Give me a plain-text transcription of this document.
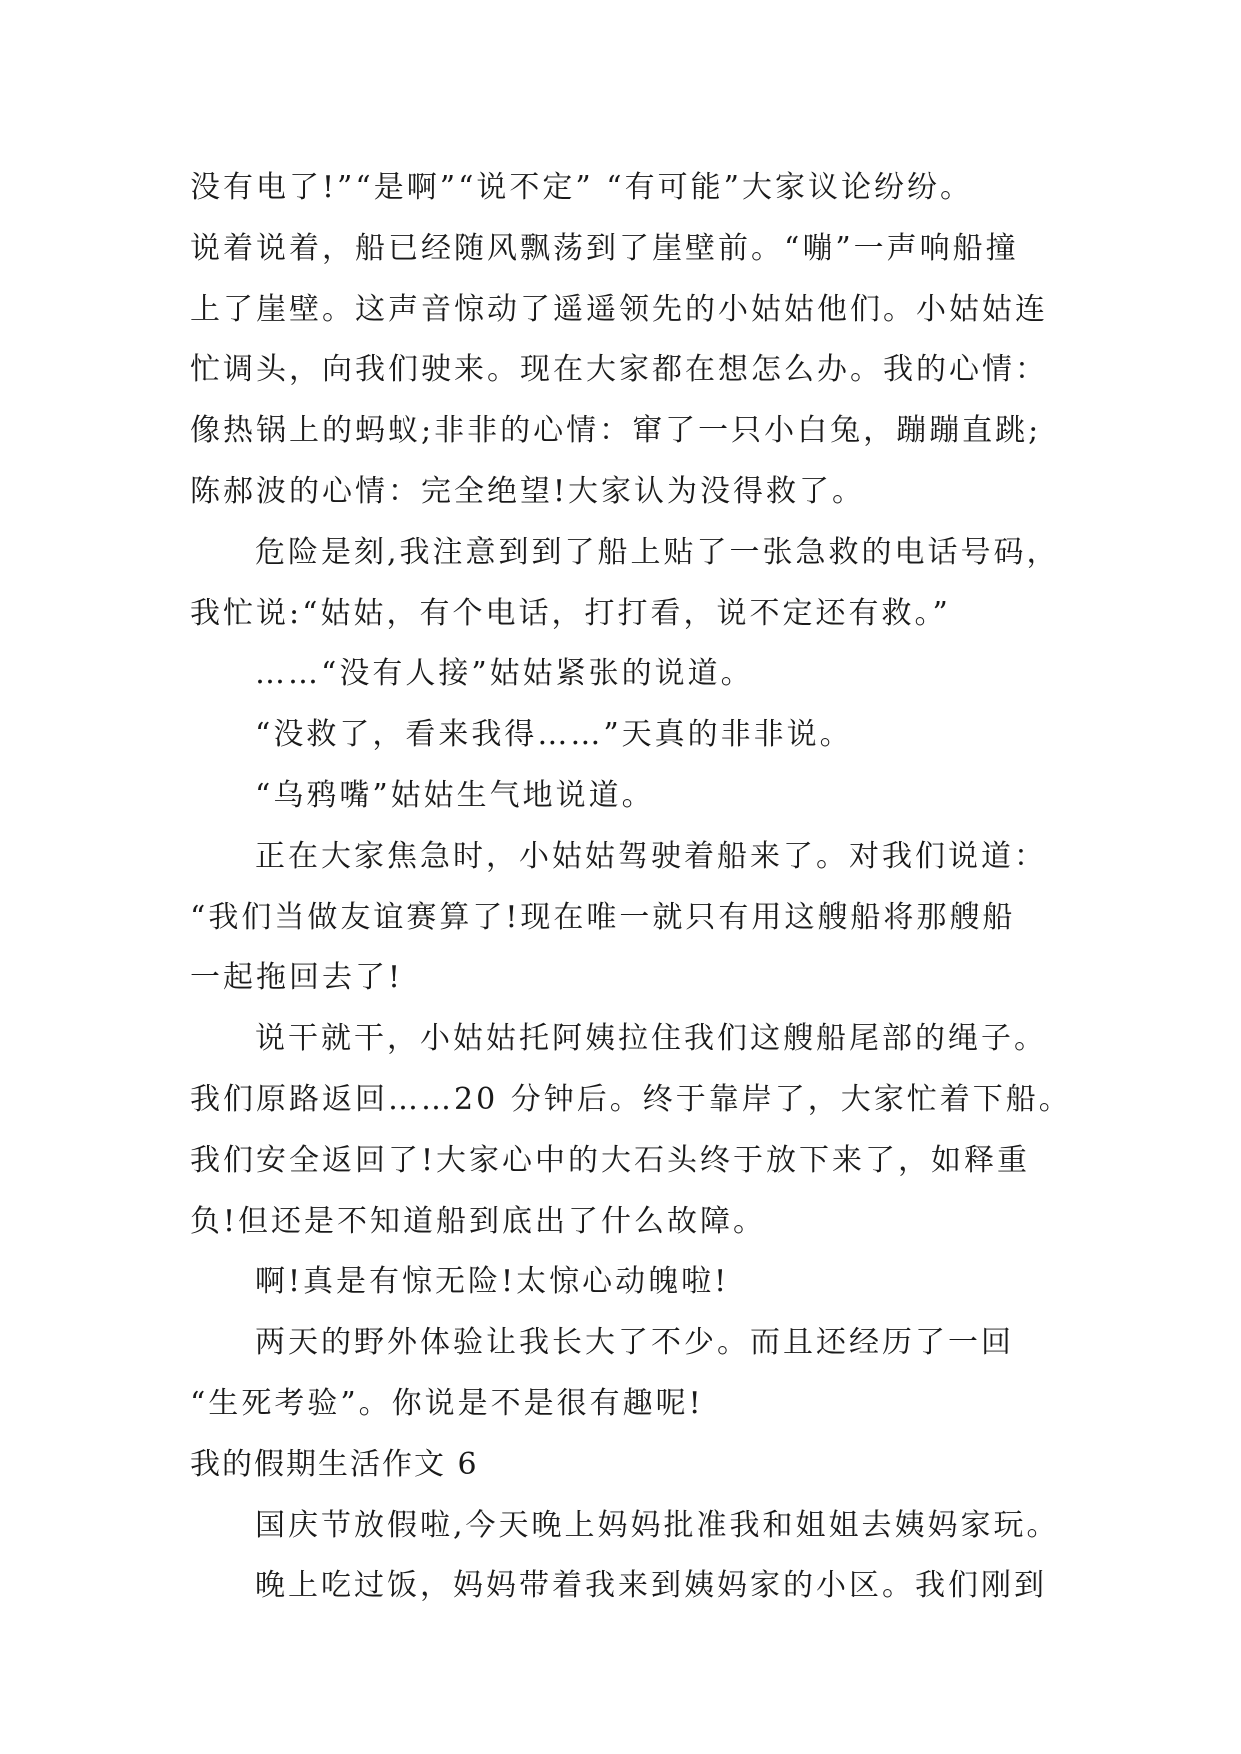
没有电了!”“是啊”“说不定” “有可能”大家议论纷纷。
说着说着，船已经随风飘荡到了崖壁前。“嘣”一声响船撞
上了崖壁。这声音惊动了遥遥领先的小姑姑他们。小姑姑连
忙调头，向我们驶来。现在大家都在想怎么办。我的心情：
像热锅上的蚂蚁;非非的心情：窜了一只小白兔，蹦蹦直跳;
陈郝波的心情：完全绝望!大家认为没得救了。
危险是刻,我注意到到了船上贴了一张急救的电话号码，
我忙说:“姑姑，有个电话，打打看，说不定还有救。”
……“没有人接”姑姑紧张的说道。
“没救了，看来我得……”天真的非非说。
“乌鸦嘴”姑姑生气地说道。
正在大家焦急时，小姑姑驾驶着船来了。对我们说道：
“我们当做友谊赛算了!现在唯一就只有用这艘船将那艘船
一起拖回去了!
说干就干，小姑姑托阿姨拉住我们这艘船尾部的绳子。
我们原路返回……20 分钟后。终于靠岸了，大家忙着下船。
我们安全返回了!大家心中的大石头终于放下来了，如释重
负!但还是不知道船到底出了什么故障。
啊!真是有惊无险!太惊心动魄啦!
两天的野外体验让我长大了不少。而且还经历了一回
“生死考验”。你说是不是很有趣呢!
我的假期生活作文 6
国庆节放假啦,今天晚上妈妈批准我和姐姐去姨妈家玩。
晚上吃过饭，妈妈带着我来到姨妈家的小区。我们刚到
